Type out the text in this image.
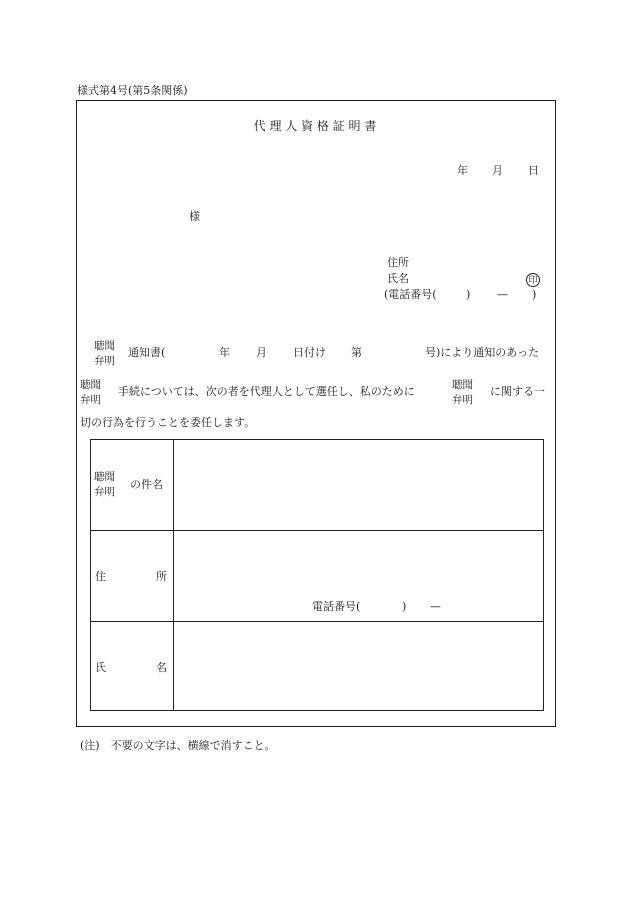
様式第4号(第5条関係)
代 理 人 資 格 証 明 書
年 月 日
様
住所
氏名	印
(電話番号(	) — )
聴聞
弁明
通知書(	年 月 日付け 第	号)により通知のあった
聴聞
弁明
手続については、次の者を代理人として選任し、私のために	聴聞
弁明
に関する一
切の行為を行うことを委任します。
聴聞
弁明
の件名
住	所
電話番号(	) —
氏	名
(注)　不要の文字は、横線で消すこと。
